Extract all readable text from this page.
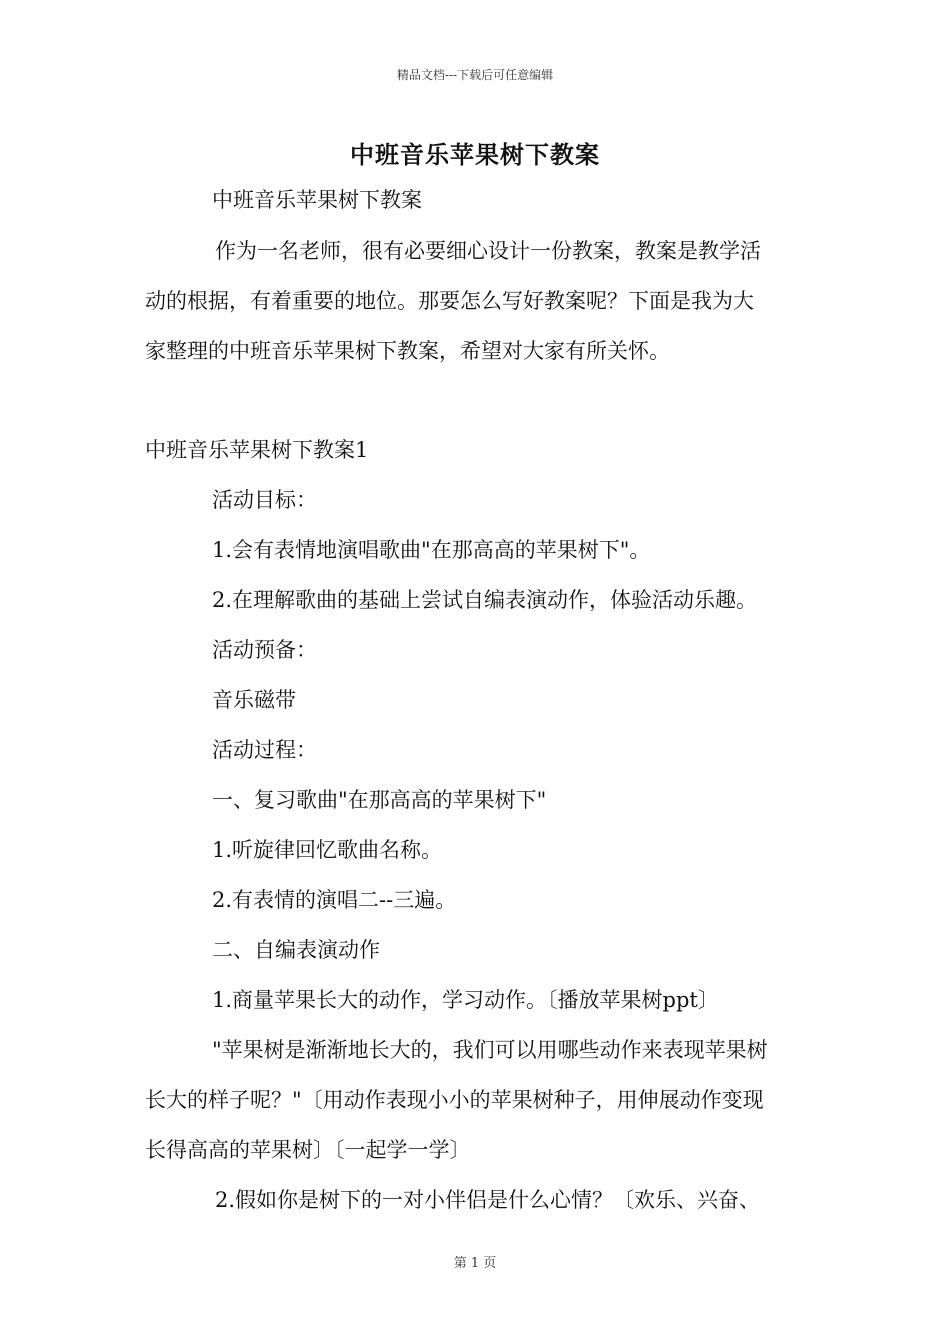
精品文档---下载后可任意编辑
中班音乐苹果树下教案
中班音乐苹果树下教案
作为一名老师，很有必要细心设计一份教案，教案是教学活
动的根据，有着重要的地位。那要怎么写好教案呢？下面是我为大
家整理的中班音乐苹果树下教案，希望对大家有所关怀。
中班音乐苹果树下教案1
活动目标：
1.会有表情地演唱歌曲"在那高高的苹果树下"。
2.在理解歌曲的基础上尝试自编表演动作，体验活动乐趣。
活动预备：
音乐磁带
活动过程：
一、复习歌曲"在那高高的苹果树下"
1.听旋律回忆歌曲名称。
2.有表情的演唱二--三遍。
二、自编表演动作
1.商量苹果长大的动作，学习动作。〔播放苹果树ppt〕
"苹果树是渐渐地长大的，我们可以用哪些动作来表现苹果树
长大的样子呢？"〔用动作表现小小的苹果树种子，用伸展动作变现
长得高高的苹果树〕〔一起学一学〕
2.假如你是树下的一对小伴侣是什么心情？〔欢乐、兴奋、
第 1 页
